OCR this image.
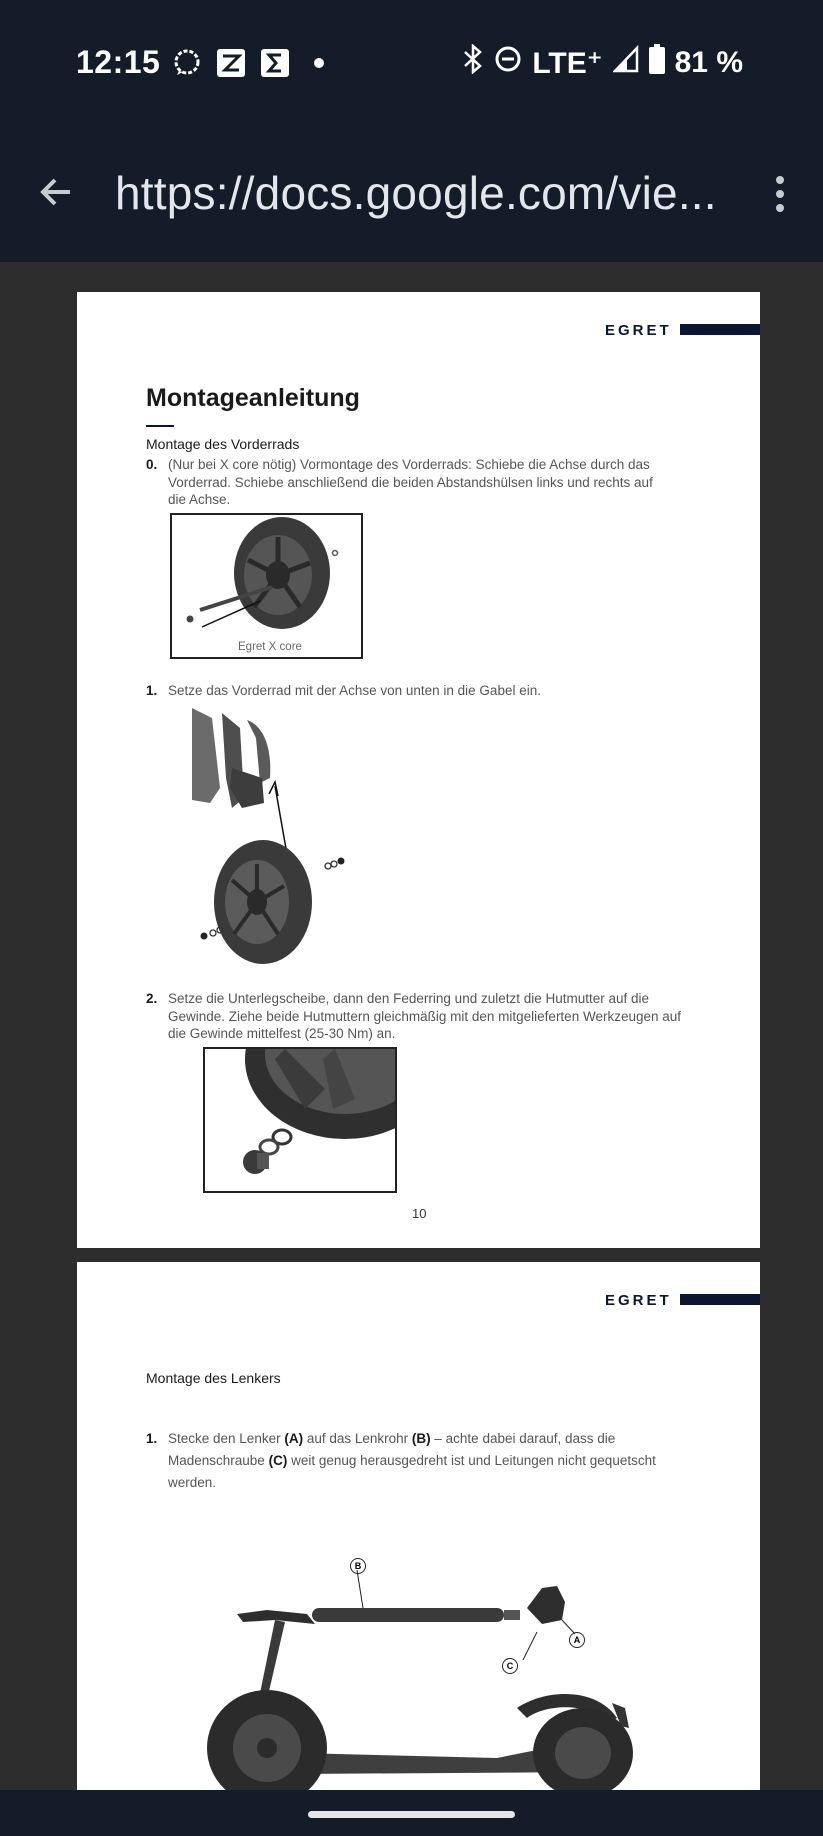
12:15	LTE⁺ 81 %
https://docs.google.com/vie...
EGRET
Montageanleitung
Montage des Vorderrads
0. (Nur bei X core nötig) Vormontage des Vorderrads: Schiebe die Achse durch das Vorderrad. Schiebe anschließend die beiden Abstandshülsen links und rechts auf die Achse.
Egret X core
1. Setze das Vorderrad mit der Achse von unten in die Gabel ein.
2. Setze die Unterlegscheibe, dann den Federring und zuletzt die Hutmutter auf die Gewinde. Ziehe beide Hutmuttern gleichmäßig mit den mitgelieferten Werkzeugen auf die Gewinde mittelfest (25-30 Nm) an.
10
EGRET
Montage des Lenkers
1. Stecke den Lenker (A) auf das Lenkrohr (B) – achte dabei darauf, dass die Madenschraube (C) weit genug herausgedreht ist und Leitungen nicht gequetscht werden.
B
A
C
